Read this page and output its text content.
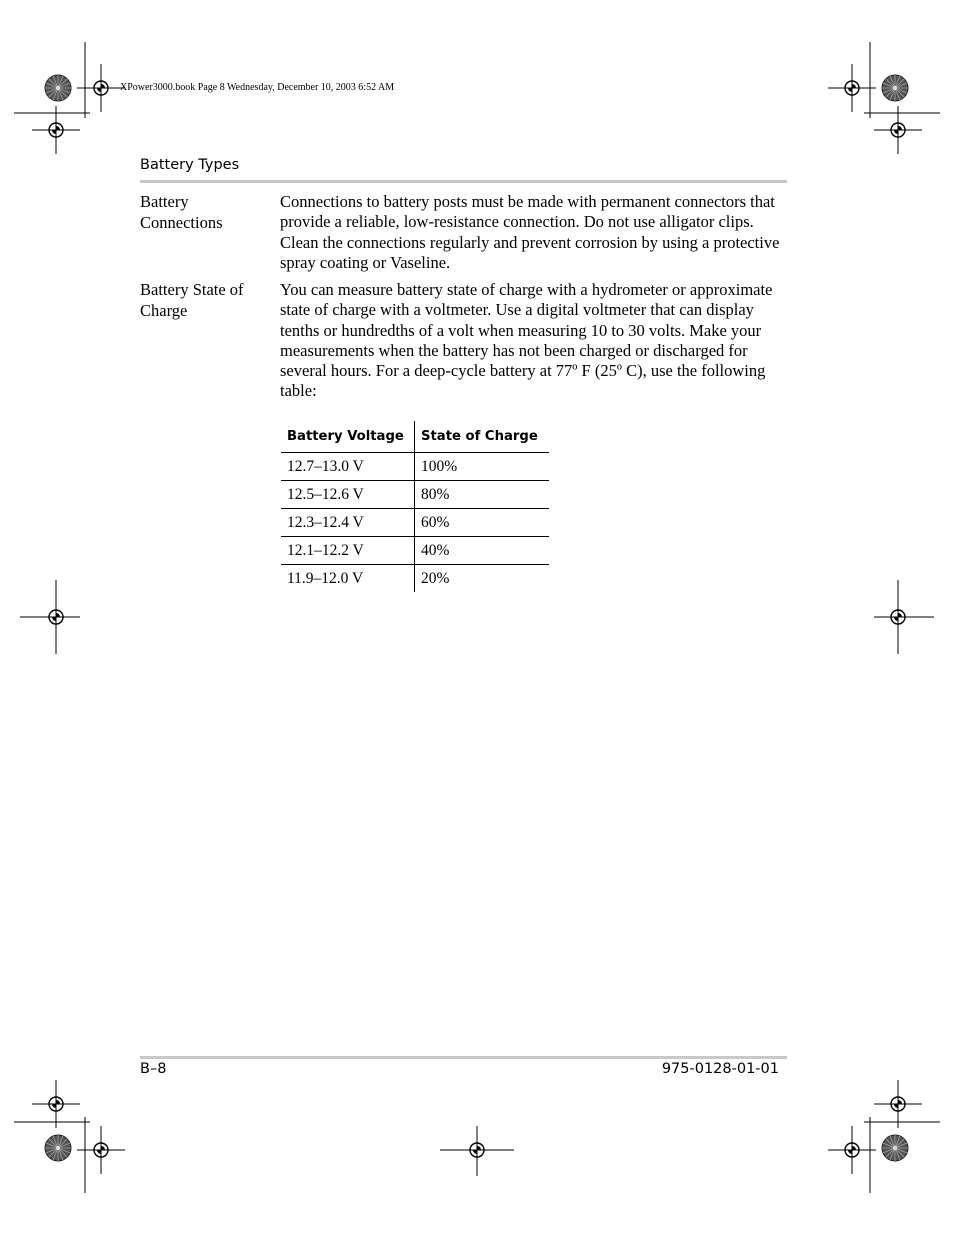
XPower3000.book Page 8 Wednesday, December 10, 2003 6:52 AM
Battery Types
Battery Connections
Connections to battery posts must be made with permanent connectors that provide a reliable, low-resistance connection. Do not use alligator clips. Clean the connections regularly and prevent corrosion by using a protective spray coating or Vaseline.
Battery State of Charge
You can measure battery state of charge with a hydrometer or approximate state of charge with a voltmeter. Use a digital voltmeter that can display tenths or hundredths of a volt when measuring 10 to 30 volts. Make your measurements when the battery has not been charged or discharged for several hours. For a deep-cycle battery at 77º F (25º C), use the following table:
Battery Voltage	State of Charge
12.7–13.0 V	100%
12.5–12.6 V	80%
12.3–12.4 V	60%
12.1–12.2 V	40%
11.9–12.0 V	20%
B–8	975-0128-01-01
